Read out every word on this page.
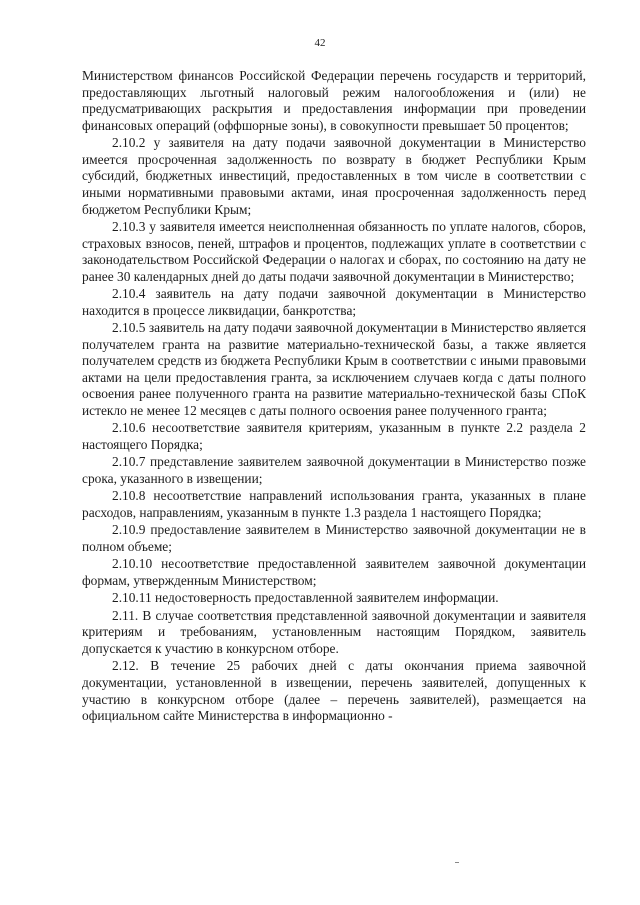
42

Министерством финансов Российской Федерации перечень государств и территорий, предоставляющих льготный налоговый режим налогообложения и (или) не предусматривающих раскрытия и предоставления информации при проведении финансовых операций (оффшорные зоны), в совокупности превышает 50 процентов;

2.10.2 у заявителя на дату подачи заявочной документации в Министерство имеется просроченная задолженность по возврату в бюджет Республики Крым субсидий, бюджетных инвестиций, предоставленных в том числе в соответствии с иными нормативными правовыми актами, иная просроченная задолженность перед бюджетом Республики Крым;

2.10.3 у заявителя имеется неисполненная обязанность по уплате налогов, сборов, страховых взносов, пеней, штрафов и процентов, подлежащих уплате в соответствии с законодательством Российской Федерации о налогах и сборах, по состоянию на дату не ранее 30 календарных дней до даты подачи заявочной документации в Министерство;

2.10.4 заявитель на дату подачи заявочной документации в Министерство находится в процессе ликвидации, банкротства;

2.10.5 заявитель на дату подачи заявочной документации в Министерство является получателем гранта на развитие материально-технической базы, а также является получателем средств из бюджета Республики Крым в соответствии с иными правовыми актами на цели предоставления гранта, за исключением случаев когда с даты полного освоения ранее полученного гранта на развитие материально-технической базы СПоК истекло не менее 12 месяцев с даты полного освоения ранее полученного гранта;

2.10.6 несоответствие заявителя критериям, указанным в пункте 2.2 раздела 2 настоящего Порядка;

2.10.7 представление заявителем заявочной документации в Министерство позже срока, указанного в извещении;

2.10.8 несоответствие направлений использования гранта, указанных в плане расходов, направлениям, указанным в пункте 1.3 раздела 1 настоящего Порядка;

2.10.9 предоставление заявителем в Министерство заявочной документации не в полном объеме;

2.10.10 несоответствие предоставленной заявителем заявочной документации формам, утвержденным Министерством;

2.10.11 недостоверность предоставленной заявителем информации.

2.11. В случае соответствия представленной заявочной документации и заявителя критериям и требованиям, установленным настоящим Порядком, заявитель допускается к участию в конкурсном отборе.

2.12. В течение 25 рабочих дней с даты окончания приема заявочной документации, установленной в извещении, перечень заявителей, допущенных к участию в конкурсном отборе (далее – перечень заявителей), размещается на официальном сайте Министерства в информационно -
